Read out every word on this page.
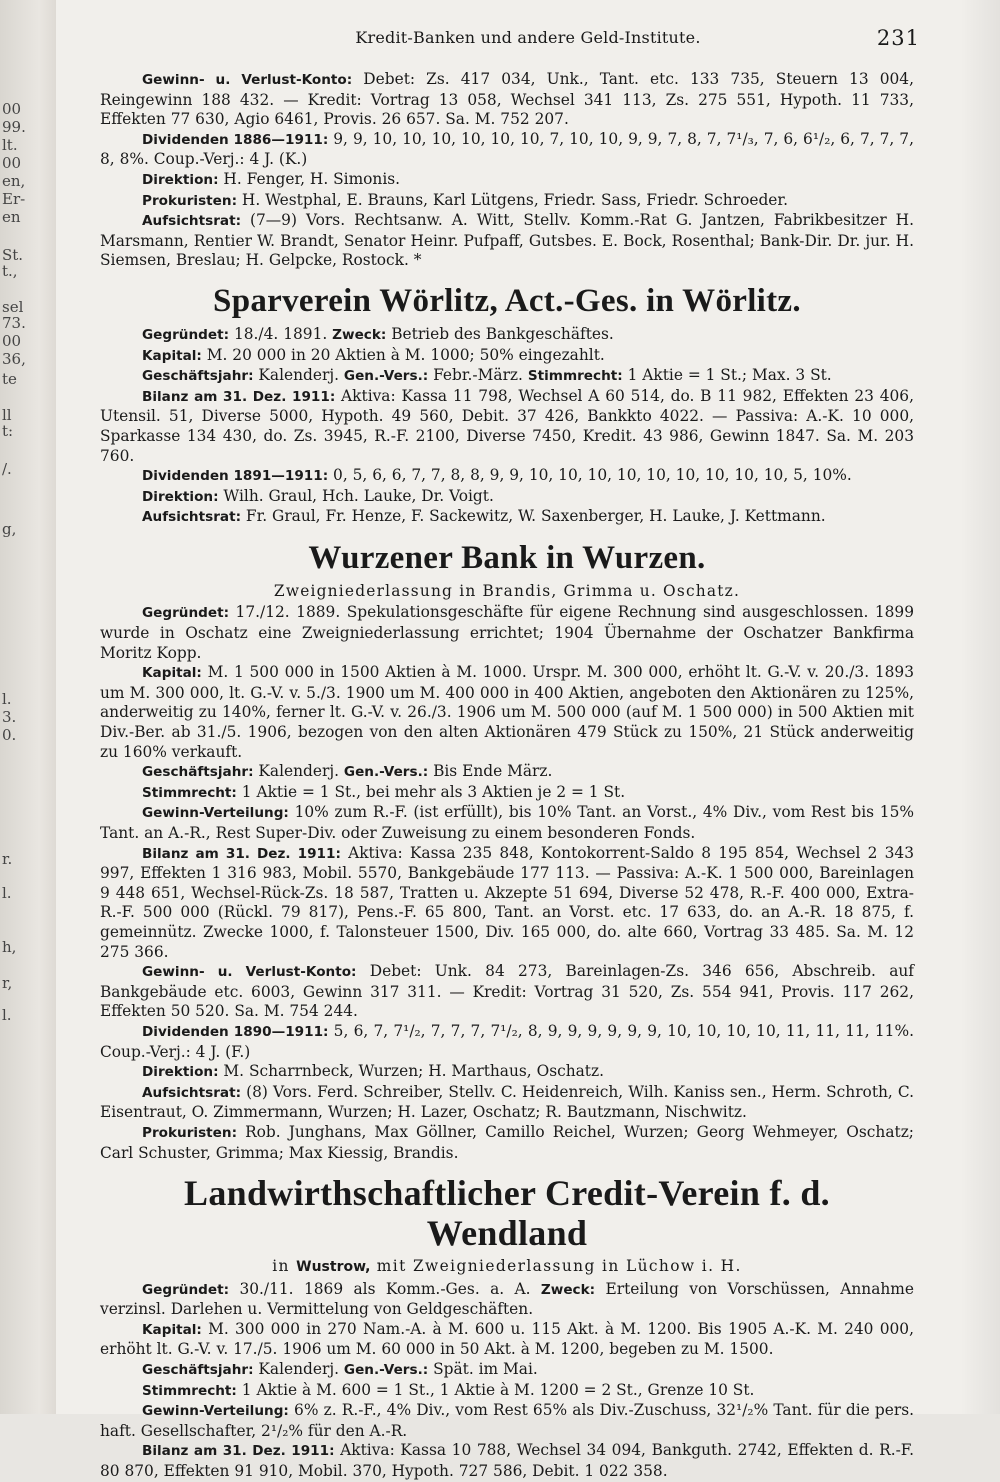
00
99.
lt.
00
en,
Er-
en
St.
t.,
sel
73.
00
36,
te
ll
t:
/.
g,
l.
3.
0.
r.
l.
h,
r,
l.
Kredit-Banken und andere Geld-Institute.	231

Gewinn- u. Verlust-Konto: Debet: Zs. 417 034, Unk., Tant. etc. 133 735, Steuern 13 004, Reingewinn 188 432. — Kredit: Vortrag 13 058, Wechsel 341 113, Zs. 275 551, Hypoth. 11 733, Effekten 77 630, Agio 6461, Provis. 26 657. Sa. M. 752 207.

Dividenden 1886—1911: 9, 9, 10, 10, 10, 10, 10, 10, 7, 10, 10, 9, 9, 7, 8, 7, 7¹/₃, 7, 6, 6¹/₂, 6, 7, 7, 7, 8, 8%. Coup.-Verj.: 4 J. (K.)

Direktion: H. Fenger, H. Simonis.

Prokuristen: H. Westphal, E. Brauns, Karl Lütgens, Friedr. Sass, Friedr. Schroeder.

Aufsichtsrat: (7—9) Vors. Rechtsanw. A. Witt, Stellv. Komm.-Rat G. Jantzen, Fabrikbesitzer H. Marsmann, Rentier W. Brandt, Senator Heinr. Pufpaff, Gutsbes. E. Bock, Rosenthal; Bank-Dir. Dr. jur. H. Siemsen, Breslau; H. Gelpcke, Rostock. *

Sparverein Wörlitz, Act.-Ges. in Wörlitz.

Gegründet: 18./4. 1891. Zweck: Betrieb des Bankgeschäftes.

Kapital: M. 20 000 in 20 Aktien à M. 1000; 50% eingezahlt.

Geschäftsjahr: Kalenderj. Gen.-Vers.: Febr.-März. Stimmrecht: 1 Aktie = 1 St.; Max. 3 St.

Bilanz am 31. Dez. 1911: Aktiva: Kassa 11 798, Wechsel A 60 514, do. B 11 982, Effekten 23 406, Utensil. 51, Diverse 5000, Hypoth. 49 560, Debit. 37 426, Bankkto 4022. — Passiva: A.-K. 10 000, Sparkasse 134 430, do. Zs. 3945, R.-F. 2100, Diverse 7450, Kredit. 43 986, Gewinn 1847. Sa. M. 203 760.

Dividenden 1891—1911: 0, 5, 6, 6, 7, 7, 8, 8, 9, 9, 10, 10, 10, 10, 10, 10, 10, 10, 10, 5, 10%.

Direktion: Wilh. Graul, Hch. Lauke, Dr. Voigt.

Aufsichtsrat: Fr. Graul, Fr. Henze, F. Sackewitz, W. Saxenberger, H. Lauke, J. Kettmann.

Wurzener Bank in Wurzen.
Zweigniederlassung in Brandis, Grimma u. Oschatz.

Gegründet: 17./12. 1889. Spekulationsgeschäfte für eigene Rechnung sind ausgeschlossen. 1899 wurde in Oschatz eine Zweigniederlassung errichtet; 1904 Übernahme der Oschatzer Bankfirma Moritz Kopp.

Kapital: M. 1 500 000 in 1500 Aktien à M. 1000. Urspr. M. 300 000, erhöht lt. G.-V. v. 20./3. 1893 um M. 300 000, lt. G.-V. v. 5./3. 1900 um M. 400 000 in 400 Aktien, angeboten den Aktionären zu 125%, anderweitig zu 140%, ferner lt. G.-V. v. 26./3. 1906 um M. 500 000 (auf M. 1 500 000) in 500 Aktien mit Div.-Ber. ab 31./5. 1906, bezogen von den alten Aktionären 479 Stück zu 150%, 21 Stück anderweitig zu 160% verkauft.

Geschäftsjahr: Kalenderj. Gen.-Vers.: Bis Ende März.

Stimmrecht: 1 Aktie = 1 St., bei mehr als 3 Aktien je 2 = 1 St.

Gewinn-Verteilung: 10% zum R.-F. (ist erfüllt), bis 10% Tant. an Vorst., 4% Div., vom Rest bis 15% Tant. an A.-R., Rest Super-Div. oder Zuweisung zu einem besonderen Fonds.

Bilanz am 31. Dez. 1911: Aktiva: Kassa 235 848, Kontokorrent-Saldo 8 195 854, Wechsel 2 343 997, Effekten 1 316 983, Mobil. 5570, Bankgebäude 177 113. — Passiva: A.-K. 1 500 000, Bareinlagen 9 448 651, Wechsel-Rück-Zs. 18 587, Tratten u. Akzepte 51 694, Diverse 52 478, R.-F. 400 000, Extra-R.-F. 500 000 (Rückl. 79 817), Pens.-F. 65 800, Tant. an Vorst. etc. 17 633, do. an A.-R. 18 875, f. gemeinnütz. Zwecke 1000, f. Talonsteuer 1500, Div. 165 000, do. alte 660, Vortrag 33 485. Sa. M. 12 275 366.

Gewinn- u. Verlust-Konto: Debet: Unk. 84 273, Bareinlagen-Zs. 346 656, Abschreib. auf Bankgebäude etc. 6003, Gewinn 317 311. — Kredit: Vortrag 31 520, Zs. 554 941, Provis. 117 262, Effekten 50 520. Sa. M. 754 244.

Dividenden 1890—1911: 5, 6, 7, 7¹/₂, 7, 7, 7, 7¹/₂, 8, 9, 9, 9, 9, 9, 9, 10, 10, 10, 10, 11, 11, 11, 11%. Coup.-Verj.: 4 J. (F.)

Direktion: M. Scharrnbeck, Wurzen; H. Marthaus, Oschatz.

Aufsichtsrat: (8) Vors. Ferd. Schreiber, Stellv. C. Heidenreich, Wilh. Kaniss sen., Herm. Schroth, C. Eisentraut, O. Zimmermann, Wurzen; H. Lazer, Oschatz; R. Bautzmann, Nischwitz.

Prokuristen: Rob. Junghans, Max Göllner, Camillo Reichel, Wurzen; Georg Wehmeyer, Oschatz; Carl Schuster, Grimma; Max Kiessig, Brandis.

Landwirthschaftlicher Credit-Verein f. d. Wendland
in Wustrow, mit Zweigniederlassung in Lüchow i. H.

Gegründet: 30./11. 1869 als Komm.-Ges. a. A. Zweck: Erteilung von Vorschüssen, Annahme verzinsl. Darlehen u. Vermittelung von Geldgeschäften.

Kapital: M. 300 000 in 270 Nam.-A. à M. 600 u. 115 Akt. à M. 1200. Bis 1905 A.-K. M. 240 000, erhöht lt. G.-V. v. 17./5. 1906 um M. 60 000 in 50 Akt. à M. 1200, begeben zu M. 1500.

Geschäftsjahr: Kalenderj. Gen.-Vers.: Spät. im Mai.

Stimmrecht: 1 Aktie à M. 600 = 1 St., 1 Aktie à M. 1200 = 2 St., Grenze 10 St.

Gewinn-Verteilung: 6% z. R.-F., 4% Div., vom Rest 65% als Div.-Zuschuss, 32¹/₂% Tant. für die pers. haft. Gesellschafter, 2¹/₂% für den A.-R.

Bilanz am 31. Dez. 1911: Aktiva: Kassa 10 788, Wechsel 34 094, Bankguth. 2742, Effekten d. R.-F. 80 870, Effekten 91 910, Mobil. 370, Hypoth. 727 586, Debit. 1 022 358.
